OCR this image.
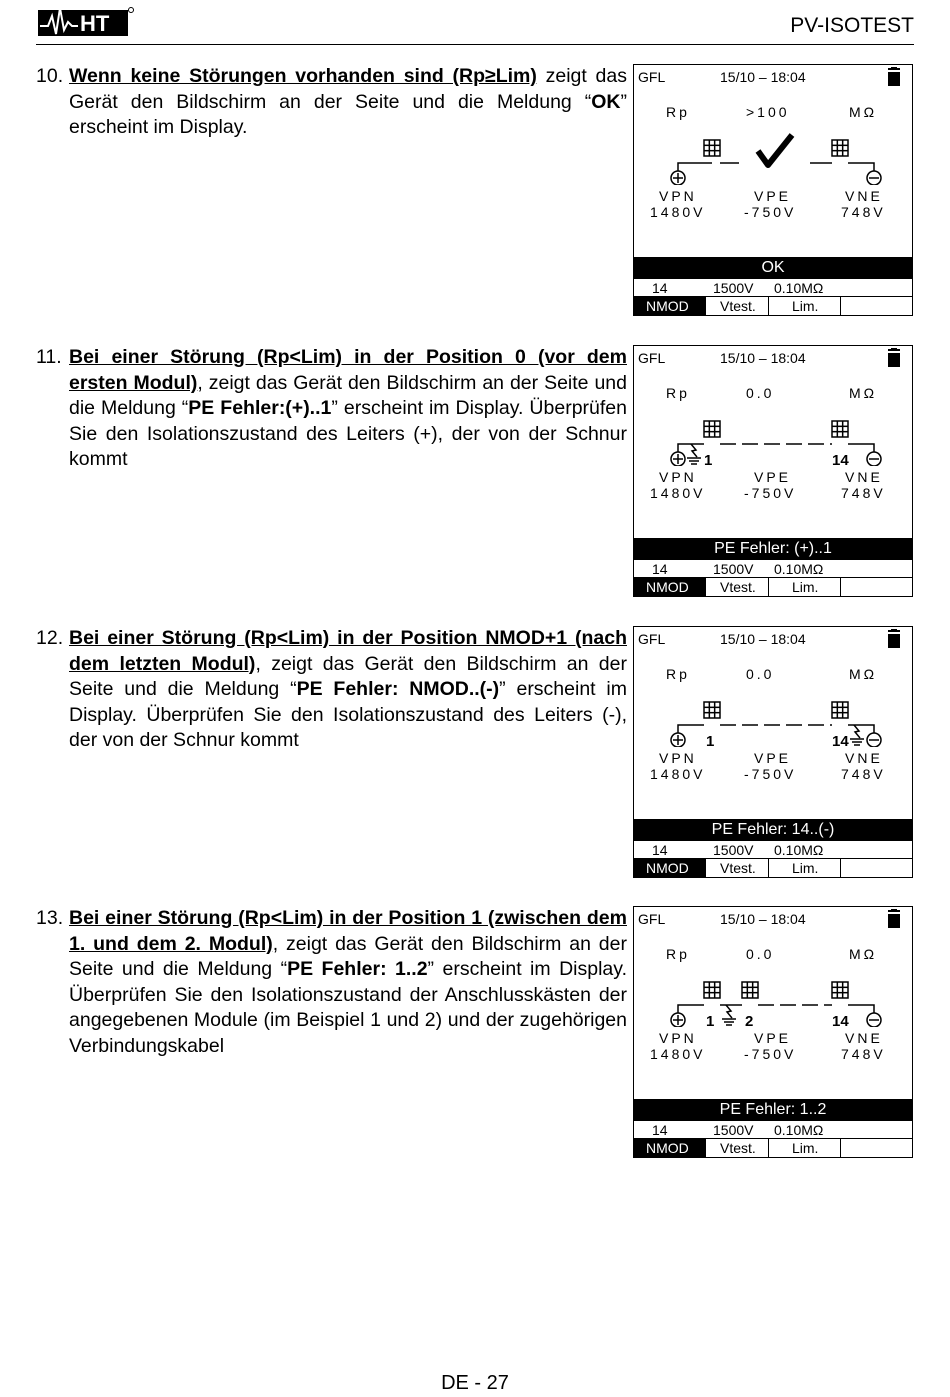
HT	PV-ISOTEST
10. Wenn keine Störungen vorhanden sind (Rp≥Lim) zeigt das Gerät den Bildschirm an der Seite und die Meldung “OK” erscheint im Display.
GFL	15/10 – 18:04
Rp	>100	MΩ
VPN	VPE	VNE
1480V	-750V	748V
OK
14	1500V 0.10MΩ
NMOD Vtest.	Lim.
11. Bei einer Störung (Rp<Lim) in der Position 0 (vor dem ersten Modul), zeigt das Gerät den Bildschirm an der Seite und die Meldung “PE Fehler:(+)..1” erscheint im Display. Überprüfen Sie den Isolationszustand des Leiters (+), der von der Schnur kommt
GFL	15/10 – 18:04
Rp	0.0	MΩ
1	14
VPN	VPE	VNE
1480V	-750V	748V
PE Fehler: (+)..1
14	1500V 0.10MΩ
NMOD Vtest.	Lim.
12. Bei einer Störung (Rp<Lim) in der Position NMOD+1 (nach dem letzten Modul), zeigt das Gerät den Bildschirm an der Seite und die Meldung “PE Fehler: NMOD..(-)” erscheint im Display. Überprüfen Sie den Isolationszustand des Leiters (-), der von der Schnur kommt
GFL	15/10 – 18:04
Rp	0.0	MΩ
1	14
VPN	VPE	VNE
1480V	-750V	748V
PE Fehler: 14..(-)
14	1500V 0.10MΩ
NMOD Vtest.	Lim.
13. Bei einer Störung (Rp<Lim) in der Position 1 (zwischen dem 1. und dem 2. Modul), zeigt das Gerät den Bildschirm an der Seite und die Meldung “PE Fehler: 1..2” erscheint im Display. Überprüfen Sie den Isolationszustand der Anschlusskästen der angegebenen Module (im Beispiel 1 und 2) und der zugehörigen Verbindungskabel
GFL	15/10 – 18:04
Rp	0.0	MΩ
1 2	14
VPN	VPE	VNE
1480V	-750V	748V
PE Fehler: 1..2
14	1500V 0.10MΩ
NMOD Vtest.	Lim.
DE - 27
